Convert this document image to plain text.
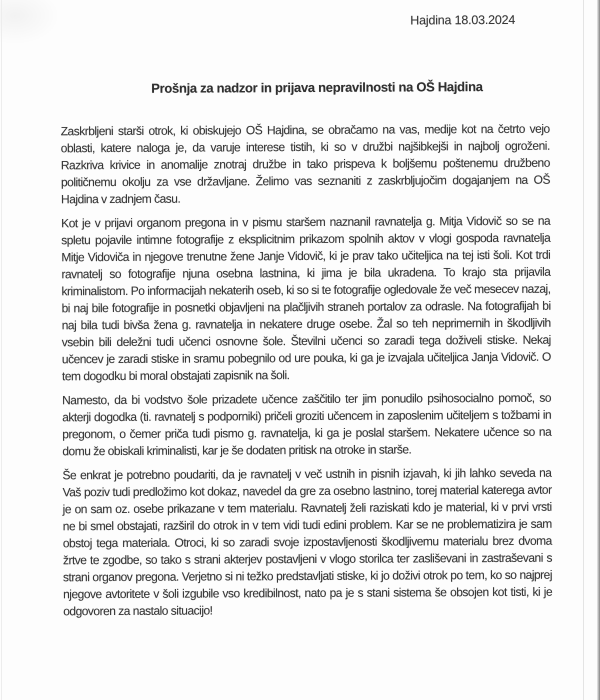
Hajdina 18.03.2024
Prošnja za nadzor in prijava nepravilnosti na OŠ Hajdina

Zaskrbljeni starši otrok, ki obiskujejo OŠ Hajdina, se obračamo na vas, medije kot na četrto vejo oblasti, katere naloga je, da varuje interese tistih, ki so v družbi najšibkejši in najbolj ogroženi. Razkriva krivice in anomalije znotraj družbe in tako prispeva k boljšemu poštenemu družbeno političnemu okolju za vse državljane. Želimo vas seznaniti z zaskrbljujočim dogajanjem na OŠ Hajdina v zadnjem času.

Kot je v prijavi organom pregona in v pismu staršem naznanil ravnatelja g. Mitja Vidovič so se na spletu pojavile intimne fotografije z eksplicitnim prikazom spolnih aktov v vlogi gospoda ravnatelja Mitje Vidoviča in njegove trenutne žene Janje Vidovič, ki je prav tako učiteljica na tej isti šoli. Kot trdi ravnatelj so fotografije njuna osebna lastnina, ki jima je bila ukradena. To krajo sta prijavila kriminalistom. Po informacijah nekaterih oseb, ki so si te fotografije ogledovale že več mesecev nazaj, bi naj bile fotografije in posnetki objavljeni na plačljivih straneh portalov za odrasle. Na fotografijah bi naj bila tudi bivša žena g. ravnatelja in nekatere druge osebe. Žal so teh neprimernih in škodljivih vsebin bili deležni tudi učenci osnovne šole. Številni učenci so zaradi tega doživeli stiske. Nekaj učencev je zaradi stiske in sramu pobegnilo od ure pouka, ki ga je izvajala učiteljica Janja Vidovič. O tem dogodku bi moral obstajati zapisnik na šoli.

Namesto, da bi vodstvo šole prizadete učence zaščitilo ter jim ponudilo psihosocialno pomoč, so akterji dogodka (ti. ravnatelj s podporniki) pričeli groziti učencem in zaposlenim učiteljem s tožbami in pregonom, o čemer priča tudi pismo g. ravnatelja, ki ga je poslal staršem. Nekatere učence so na domu že obiskali kriminalisti, kar je še dodaten pritisk na otroke in starše.

Še enkrat je potrebno poudariti, da je ravnatelj v več ustnih in pisnih izjavah, ki jih lahko seveda na Vaš poziv tudi predložimo kot dokaz, navedel da gre za osebno lastnino, torej material katerega avtor je on sam oz. osebe prikazane v tem materialu. Ravnatelj želi raziskati kdo je material, ki v prvi vrsti ne bi smel obstajati, razširil do otrok in v tem vidi tudi edini problem. Kar se ne problematizira je sam obstoj tega materiala. Otroci, ki so zaradi svoje izpostavljenosti škodljivemu materialu brez dvoma žrtve te zgodbe, so tako s strani akterjev postavljeni v vlogo storilca ter zasliševani in zastraševani s strani organov pregona. Verjetno si ni težko predstavljati stiske, ki jo doživi otrok po tem, ko so najprej njegove avtoritete v šoli izgubile vso kredibilnost, nato pa je s stani sistema še obsojen kot tisti, ki je odgovoren za nastalo situacijo!
